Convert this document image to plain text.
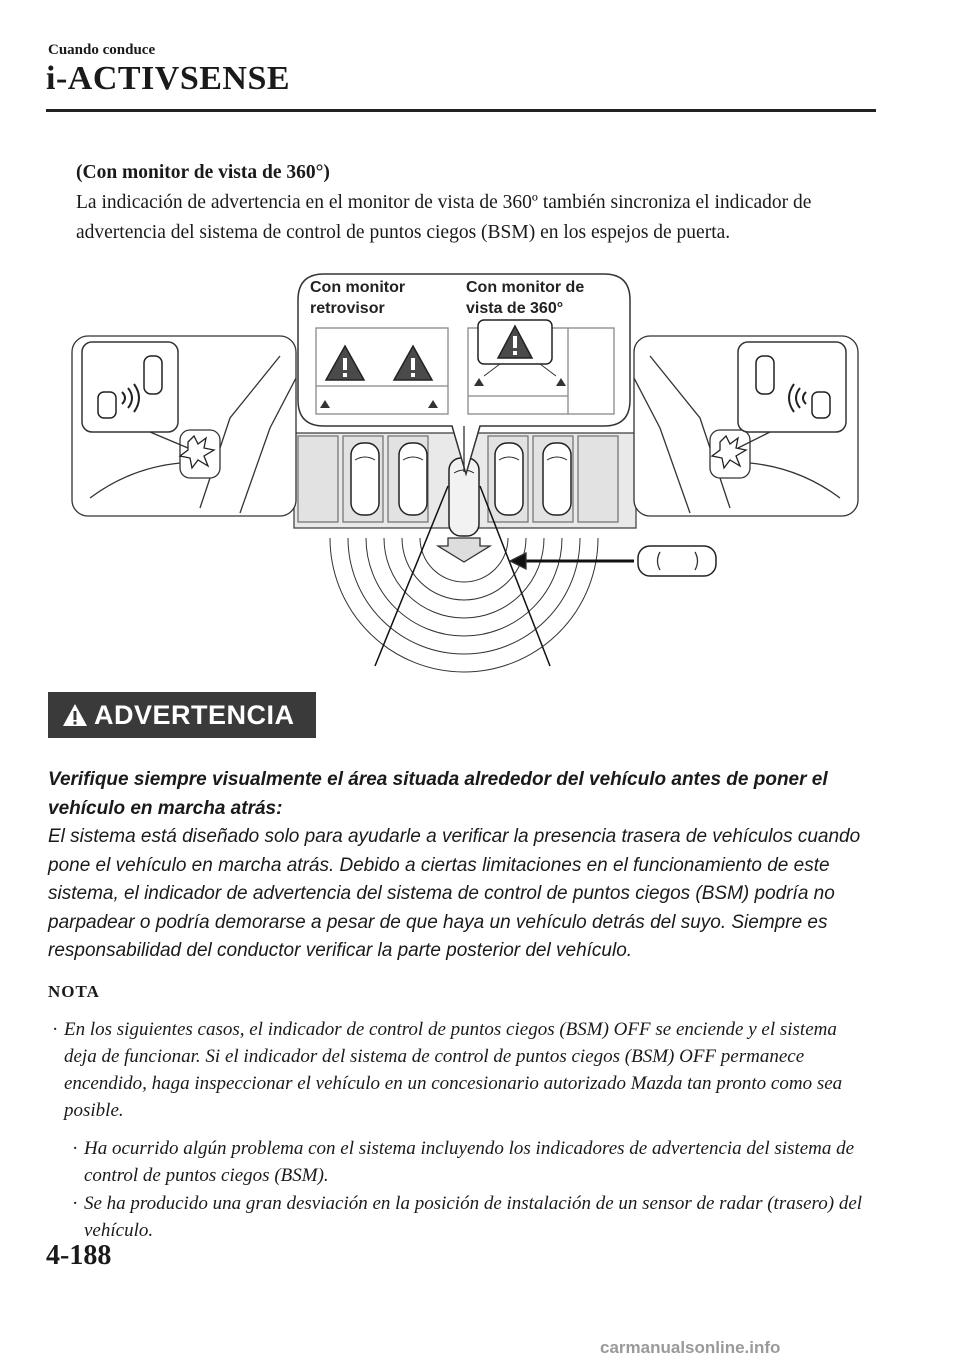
Cuando conduce
i-ACTIVSENSE
(Con monitor de vista de 360°)
La indicación de advertencia en el monitor de vista de 360º también sincroniza el indicador de advertencia del sistema de control de puntos ciegos (BSM) en los espejos de puerta.
Con monitor
retrovisor
Con monitor de
vista de 360°
ADVERTENCIA
Verifique siempre visualmente el área situada alrededor del vehículo antes de poner el vehículo en marcha atrás:
El sistema está diseñado solo para ayudarle a verificar la presencia trasera de vehículos cuando pone el vehículo en marcha atrás. Debido a ciertas limitaciones en el funcionamiento de este sistema, el indicador de advertencia del sistema de control de puntos ciegos (BSM) podría no parpadear o podría demorarse a pesar de que haya un vehículo detrás del suyo. Siempre es responsabilidad del conductor verificar la parte posterior del vehículo.
NOTA
· En los siguientes casos, el indicador de control de puntos ciegos (BSM) OFF se enciende y el sistema deja de funcionar. Si el indicador del sistema de control de puntos ciegos (BSM) OFF permanece encendido, haga inspeccionar el vehículo en un concesionario autorizado Mazda tan pronto como sea posible.
· Ha ocurrido algún problema con el sistema incluyendo los indicadores de advertencia del sistema de control de puntos ciegos (BSM).
· Se ha producido una gran desviación en la posición de instalación de un sensor de radar (trasero) del vehículo.
4-188
carmanualsonline.info
